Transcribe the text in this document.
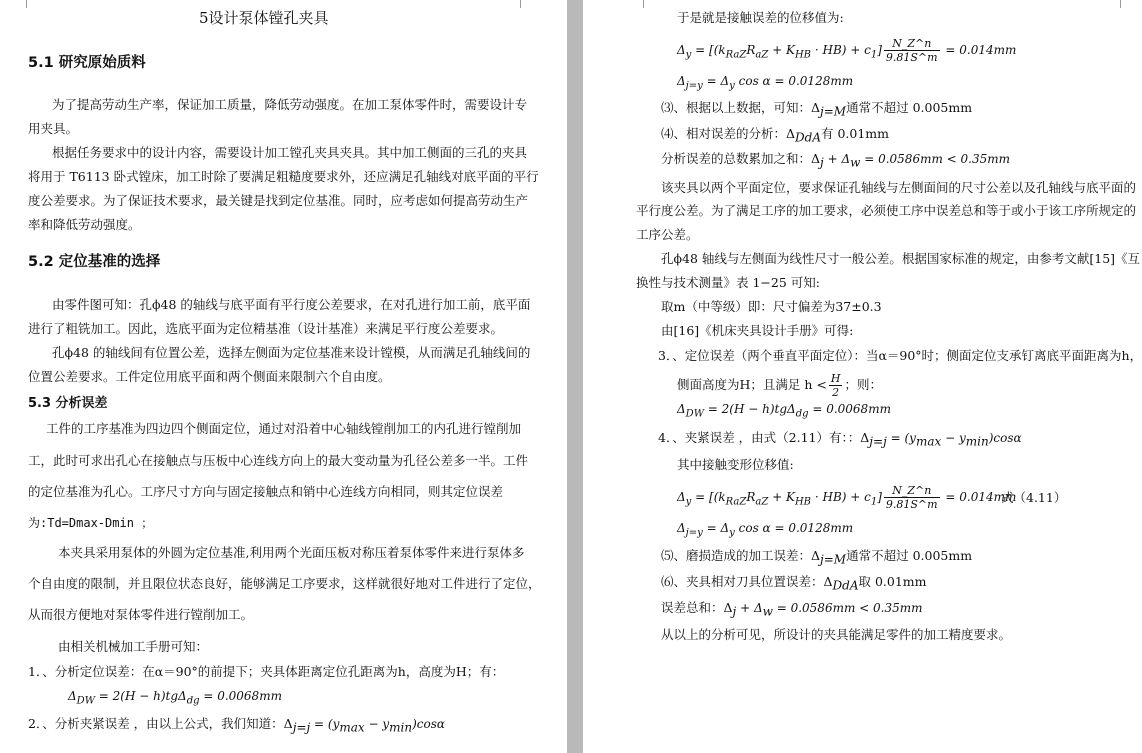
5设计泵体镗孔夹具
5.1 研究原始质料
为了提高劳动生产率，保证加工质量，降低劳动强度。在加工泵体零件时，需要设计专
用夹具。
根据任务要求中的设计内容，需要设计加工镗孔夹具夹具。其中加工侧面的三孔的夹具
将用于 T6113 卧式镗床，加工时除了要满足粗糙度要求外，还应满足孔轴线对底平面的平行
度公差要求。为了保证技术要求，最关键是找到定位基准。同时，应考虑如何提高劳动生产
率和降低劳动强度。
5.2 定位基准的选择
由零件图可知：孔ϕ48 的轴线与底平面有平行度公差要求，在对孔进行加工前，底平面
进行了粗铣加工。因此，选底平面为定位精基准（设计基准）来满足平行度公差要求。
孔ϕ48 的轴线间有位置公差，选择左侧面为定位基准来设计镗模，从而满足孔轴线间的
位置公差要求。工件定位用底平面和两个侧面来限制六个自由度。
5.3 分析误差
工件的工序基准为四边四个侧面定位，通过对沿着中心轴线镗削加工的内孔进行镗削加
工，此时可求出孔心在接触点与压板中心连线方向上的最大变动量为孔径公差多一半。工件
的定位基准为孔心。工序尺寸方向与固定接触点和销中心连线方向相同，则其定位误差
为:Td=Dmax-Dmin ；
本夹具采用泵体的外圆为定位基准,利用两个光面压板对称压着泵体零件来进行泵体多
个自由度的限制，并且限位状态良好，能够满足工序要求，这样就很好地对工件进行了定位，
从而很方便地对泵体零件进行镗削加工。
由相关机械加工手册可知：
1．、分析定位误差：在α＝90°的前提下；夹具体距离定位孔距离为h，高度为H；有：
$\Delta_{DW} = 2(H - h)tg\Delta_{dg} = 0.0068mm$
2．、分析夹紧误差 ，由以上公式，我们知道：$\Delta_{j=j} = (y_{max} - y_{min})\cos\alpha$
于是就是接触误差的位移值为:
$\Delta_y = [(k_{RaZ}R_{aZ} + K_{HB} \cdot HB) + c_1] \frac{N\_Z\^{}n}{9.81S\^{}m} = 0.014mm$
$\Delta_{j=y} = \Delta_y$ cos α = 0.0128mm
⑶、根据以上数据，可知：$\Delta_{j=M}$通常不超过 0.005mm
⑷、相对误差的分析：$\Delta_{DdA}$有 0.01mm
分析误差的总数累加之和：$\Delta_j + \Delta_w = 0.0586mm < 0.35mm$
该夹具以两个平面定位，要求保证孔轴线与左侧面间的尺寸公差以及孔轴线与底平面的
平行度公差。为了满足工序的加工要求，必须使工序中误差总和等于或小于该工序所规定的
工序公差。
孔ϕ48 轴线与左侧面为线性尺寸一般公差。根据国家标准的规定，由参考文献[15]《互
换性与技术测量》表 1−25 可知:
取m（中等级）即：尺寸偏差为37±0.3
由[16]《机床夹具设计手册》可得:
3．、定位误差（两个垂直平面定位）：当α＝90°时；侧面定位支承钉离底平面距离为h，
侧面高度为H；且满足 $h < \frac{H}{2}$ ；则：
$\Delta_{DW} = 2(H - h)tg\Delta_{dg} = 0.0068mm$
4．、夹紧误差 ，由式（2.11）有：：$\Delta_{j=j} = (y_{max} - y_{min})\cos\alpha$
其中接触变形位移值:
$\Delta_y = [(k_{RaZ}R_{aZ} + K_{HB} \cdot HB) + c_1] \frac{N\_Z\^{}n}{9.81S\^{}m} = 0.014mm$
式（4.11）
$\Delta_{j=y} = \Delta_y$ cos α = 0.0128mm
⑸、磨损造成的加工误差：$\Delta_{j=M}$通常不超过 0.005mm
⑹、夹具相对刀具位置误差：$\Delta_{DdA}$取 0.01mm
误差总和：$\Delta_j + \Delta_w = 0.0586mm < 0.35mm$
从以上的分析可见，所设计的夹具能满足零件的加工精度要求。
